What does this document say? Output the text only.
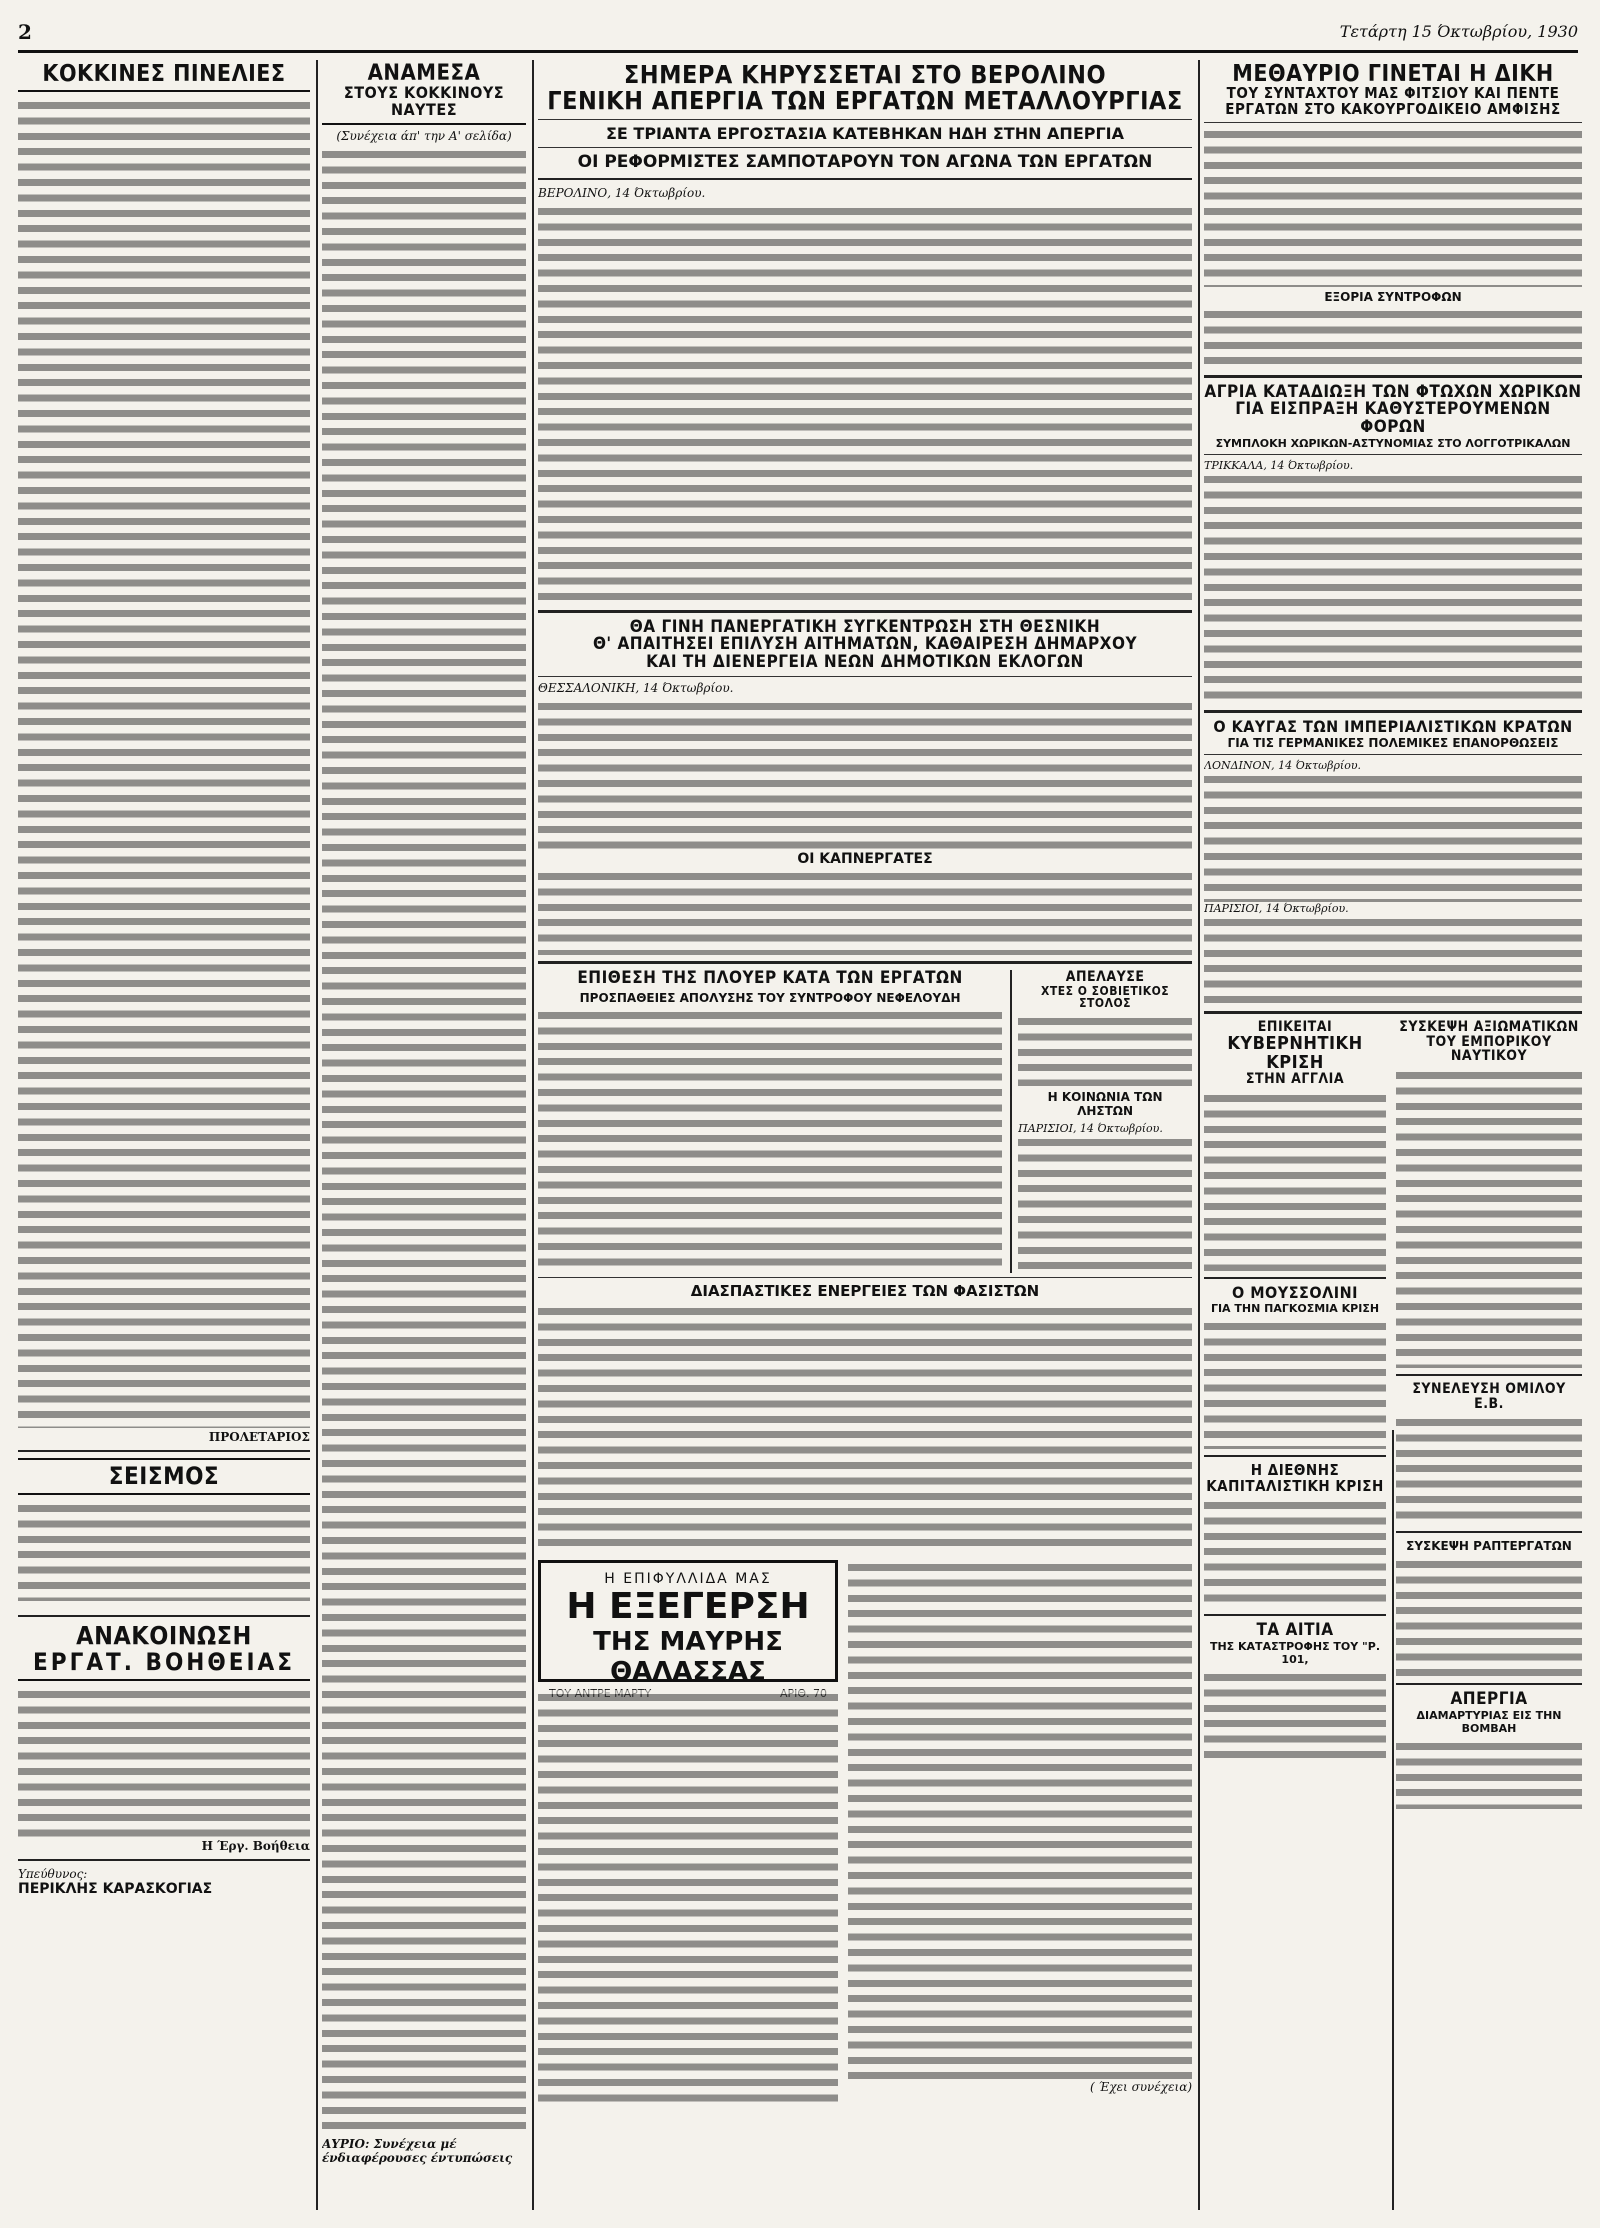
2	Τετάρτη 15 Όκτωβρίου, 1930
ΚΟΚΚΙΝΕΣ ΠΙΝΕΛΙΕΣ
ΠΡΟΛΕΤΑΡΙΟΣ
ΣΕΙΣΜΟΣ
ΑΝΑΚΟΙΝΩΣΗ
ΕΡΓΑΤ. ΒΟΗΘΕΙΑΣ
Η Έργ. Βοήθεια
Υπεύθυνος:
ΠΕΡΙΚΛΗΣ ΚΑΡΑΣΚΟΓΙΑΣ
ΑΝΑΜΕΣΑ
ΣΤΟΥΣ ΚΟΚΚΙΝΟΥΣ ΝΑΥΤΕΣ
(Συνέχεια άπ' την Α' σελίδα)
ΑΥΡΙΟ: Συνέχεια μέ ένδιαφέρουσες έντυπώσεις
ΣΗΜΕΡΑ ΚΗΡΥΣΣΕΤΑΙ ΣΤΟ ΒΕΡΟΛΙΝΟ
ΓΕΝΙΚΗ ΑΠΕΡΓΙΑ ΤΩΝ ΕΡΓΑΤΩΝ ΜΕΤΑΛΛΟΥΡΓΙΑΣ
ΣΕ ΤΡΙΑΝΤΑ ΕΡΓΟΣΤΑΣΙΑ ΚΑΤΕΒΗΚΑΝ ΗΔΗ ΣΤΗΝ ΑΠΕΡΓΙΑ
ΟΙ ΡΕΦΟΡΜΙΣΤΕΣ ΣΑΜΠΟΤΑΡΟΥΝ ΤΟΝ ΑΓΩΝΑ ΤΩΝ ΕΡΓΑΤΩΝ
ΒΕΡΟΛΙΝΟ, 14 Όκτωβρίου.
ΘΑ ΓΙΝΗ ΠΑΝΕΡΓΑΤΙΚΗ ΣΥΓΚΕΝΤΡΩΣΗ ΣΤΗ ΘΕΣΝΙΚΗ
Θ' ΑΠΑΙΤΗΣΕΙ ΕΠΙΛΥΣΗ ΑΙΤΗΜΑΤΩΝ, ΚΑΘΑΙΡΕΣΗ ΔΗΜΑΡΧΟΥ
ΚΑΙ ΤΗ ΔΙΕΝΕΡΓΕΙΑ ΝΕΩΝ ΔΗΜΟΤΙΚΩΝ ΕΚΛΟΓΩΝ
ΘΕΣΣΑΛΟΝΙΚΗ, 14 Όκτωβρίου.
ΟΙ ΚΑΠΝΕΡΓΑΤΕΣ
ΕΠΙΘΕΣΗ ΤΗΣ ΠΛΟΥΕΡ ΚΑΤΑ ΤΩΝ ΕΡΓΑΤΩΝ
ΠΡΟΣΠΑΘΕΙΕΣ ΑΠΟΛΥΣΗΣ ΤΟΥ ΣΥΝΤΡΟΦΟΥ ΝΕΦΕΛΟΥΔΗ
ΑΠΕΛΑΥΣΕ
ΧΤΕΣ Ο ΣΟΒΙΕΤΙΚΟΣ ΣΤΟΛΟΣ
Η ΚΟΙΝΩΝΙΑ ΤΩΝ ΛΗΣΤΩΝ
ΠΑΡΙΣΙΟΙ, 14 Όκτωβρίου.
ΔΙΑΣΠΑΣΤΙΚΕΣ ΕΝΕΡΓΕΙΕΣ ΤΩΝ ΦΑΣΙΣΤΩΝ
Η ΕΠΙΦΥΛΛΙΔΑ ΜΑΣ
Η ΕΞΕΓΕΡΣΗ
ΤΗΣ ΜΑΥΡΗΣ ΘΑΛΑΣΣΑΣ
( Έχει συνέχεια)
ΜΕΘΑΥΡΙΟ ΓΙΝΕΤΑΙ Η ΔΙΚΗ
ΤΟΥ ΣΥΝΤΑΧΤΟΥ ΜΑΣ ΦΙΤΣΙΟΥ ΚΑΙ ΠΕΝΤΕ
ΕΡΓΑΤΩΝ ΣΤΟ ΚΑΚΟΥΡΓΟΔΙΚΕΙΟ ΑΜΦΙΣΗΣ
ΕΞΟΡΙΑ ΣΥΝΤΡΟΦΩΝ
ΑΓΡΙΑ ΚΑΤΑΔΙΩΞΗ ΤΩΝ ΦΤΩΧΩΝ ΧΩΡΙΚΩΝ
ΓΙΑ ΕΙΣΠΡΑΞΗ ΚΑΘΥΣΤΕΡΟΥΜΕΝΩΝ ΦΟΡΩΝ
ΣΥΜΠΛΟΚΗ ΧΩΡΙΚΩΝ-ΑΣΤΥΝΟΜΙΑΣ ΣΤΟ ΛΟΓΓΟΤΡΙΚΑΛΩΝ
ΤΡΙΚΚΑΛΑ, 14 Όκτωβρίου.
Ο ΚΑΥΓΑΣ ΤΩΝ ΙΜΠΕΡΙΑΛΙΣΤΙΚΩΝ ΚΡΑΤΩΝ
ΓΙΑ ΤΙΣ ΓΕΡΜΑΝΙΚΕΣ ΠΟΛΕΜΙΚΕΣ ΕΠΑΝΟΡΘΩΣΕΙΣ
ΛΟΝΔΙΝΟΝ, 14 Όκτωβρίου.
ΠΑΡΙΣΙΟΙ, 14 Όκτωβρίου.
ΕΠΙΚΕΙΤΑΙ
ΚΥΒΕΡΝΗΤΙΚΗ ΚΡΙΣΗ
ΣΤΗΝ ΑΓΓΛΙΑ
Ο ΜΟΥΣΣΟΛΙΝΙ
ΓΙΑ ΤΗΝ ΠΑΓΚΟΣΜΙΑ ΚΡΙΣΗ
Η ΔΙΕΘΝΗΣ
ΚΑΠΙΤΑΛΙΣΤΙΚΗ ΚΡΙΣΗ
ΤΑ ΑΙΤΙΑ
ΤΗΣ ΚΑΤΑΣΤΡΟΦΗΣ ΤΟΥ "Ρ. 101,
ΣΥΣΚΕΨΗ ΑΞΙΩΜΑΤΙΚΩΝ
ΤΟΥ ΕΜΠΟΡΙΚΟΥ ΝΑΥΤΙΚΟΥ
ΣΥΝΕΛΕΥΣΗ ΟΜΙΛΟΥ Ε.Β.
ΣΥΣΚΕΨΗ ΡΑΠΤΕΡΓΑΤΩΝ
ΑΠΕΡΓΙΑ
ΔΙΑΜΑΡΤΥΡΙΑΣ ΕΙΣ ΤΗΝ ΒΟΜΒΑΗ
